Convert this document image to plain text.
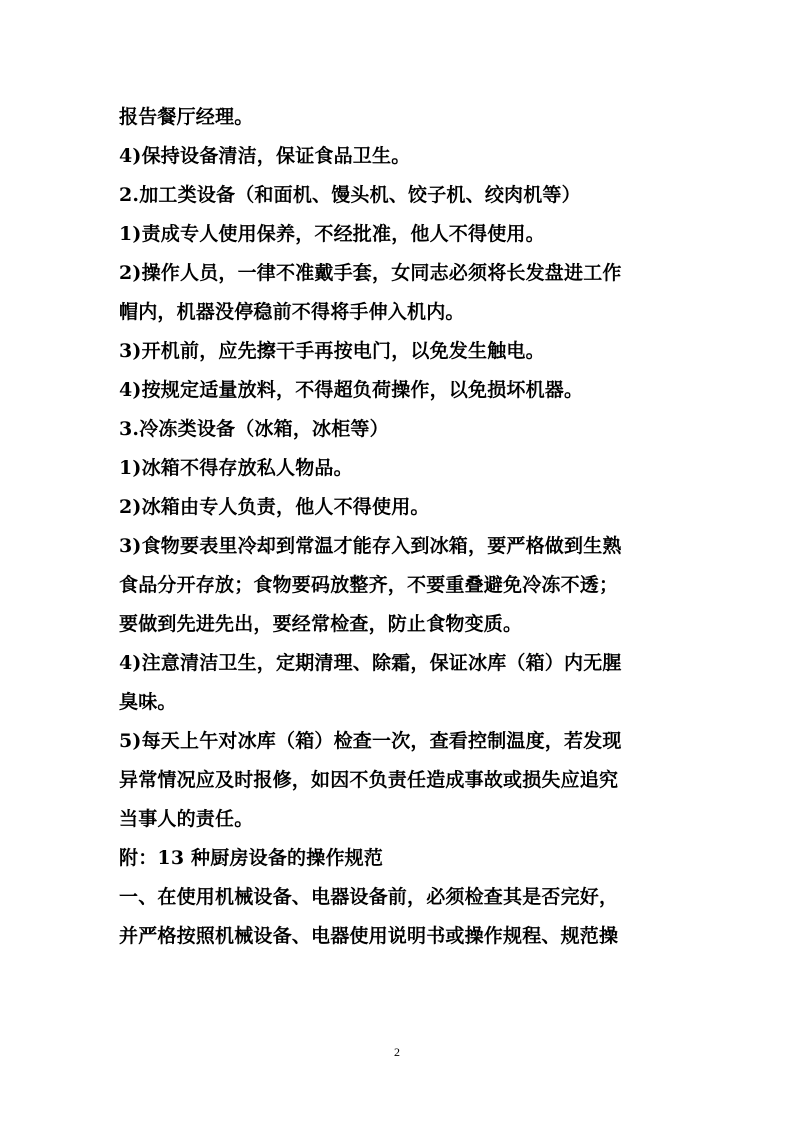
报告餐厅经理。
4)保持设备清洁，保证食品卫生。
2.加工类设备（和面机、馒头机、饺子机、绞肉机等）
1)责成专人使用保养，不经批准，他人不得使用。
2)操作人员，一律不准戴手套，女同志必须将长发盘进工作
帽内，机器没停稳前不得将手伸入机内。
3)开机前，应先擦干手再按电门，以免发生触电。
4)按规定适量放料，不得超负荷操作，以免损坏机器。
3.冷冻类设备（冰箱，冰柜等）
1)冰箱不得存放私人物品。
2)冰箱由专人负责，他人不得使用。
3)食物要表里冷却到常温才能存入到冰箱，要严格做到生熟
食品分开存放；食物要码放整齐，不要重叠避免冷冻不透；
要做到先进先出，要经常检查，防止食物变质。
4)注意清洁卫生，定期清理、除霜，保证冰库（箱）内无腥
臭味。
5)每天上午对冰库（箱）检查一次，查看控制温度，若发现
异常情况应及时报修，如因不负责任造成事故或损失应追究
当事人的责任。
附：13 种厨房设备的操作规范
一、在使用机械设备、电器设备前，必须检查其是否完好，
并严格按照机械设备、电器使用说明书或操作规程、规范操
2
